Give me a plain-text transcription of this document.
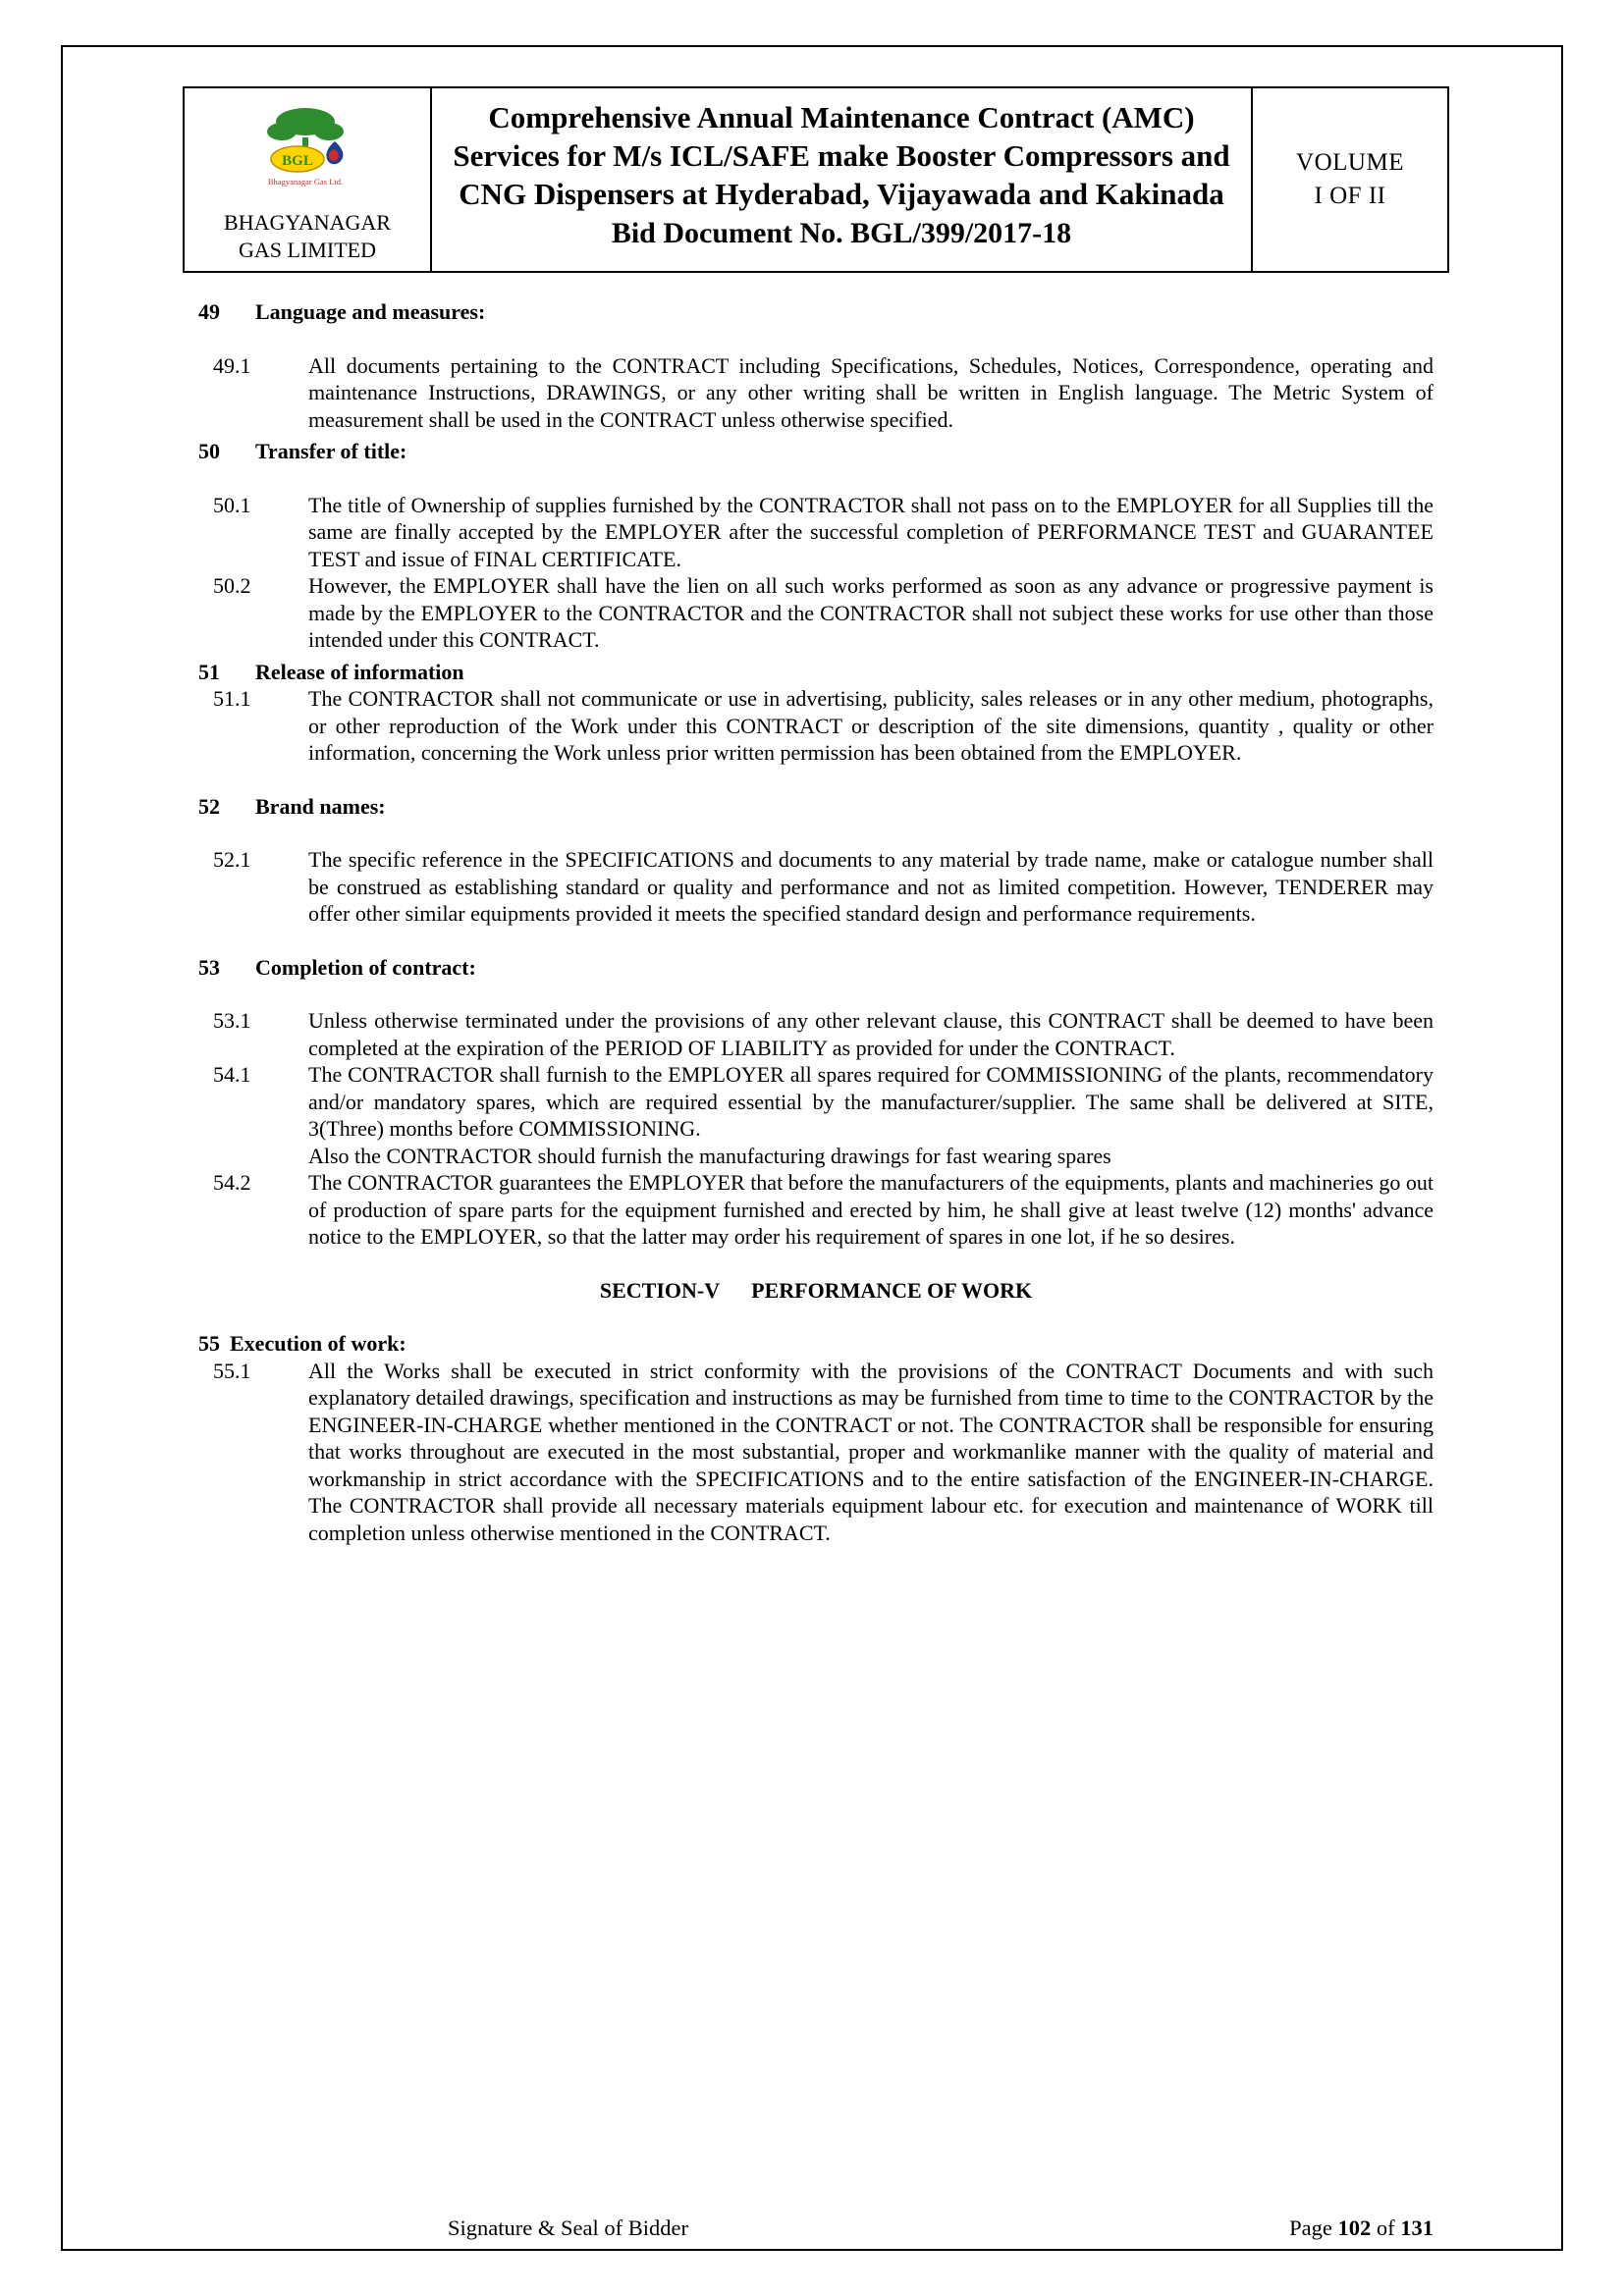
BGL
Bhagyanagar Gas Ltd.
BHAGYANAGAR
GAS LIMITED
Comprehensive Annual Maintenance Contract (AMC) Services for M/s ICL/SAFE make Booster Compressors and CNG Dispensers at Hyderabad, Vijayawada and Kakinada
Bid Document No. BGL/399/2017-18
VOLUME
I OF II
49	Language and measures:
49.1	All documents pertaining to the CONTRACT including Specifications, Schedules, Notices, Correspondence, operating and maintenance Instructions, DRAWINGS, or any other writing shall be written in English language. The Metric System of measurement shall be used in the CONTRACT unless otherwise specified.
50	Transfer of title:
50.1	The title of Ownership of supplies furnished by the CONTRACTOR shall not pass on to the EMPLOYER for all Supplies till the same are finally accepted by the EMPLOYER after the successful completion of PERFORMANCE TEST and GUARANTEE TEST and issue of FINAL CERTIFICATE.
50.2	However, the EMPLOYER shall have the lien on all such works performed as soon as any advance or progressive payment is made by the EMPLOYER to the CONTRACTOR and the CONTRACTOR shall not subject these works for use other than those intended under this CONTRACT.
51	Release of information
51.1	The CONTRACTOR shall not communicate or use in advertising, publicity, sales releases or in any other medium, photographs, or other reproduction of the Work under this CONTRACT or description of the site dimensions, quantity , quality or other information, concerning the Work unless prior written permission has been obtained from the EMPLOYER.
52	Brand names:
52.1	The specific reference in the SPECIFICATIONS and documents to any material by trade name, make or catalogue number shall be construed as establishing standard or quality and performance and not as limited competition. However, TENDERER may offer other similar equipments provided it meets the specified standard design and performance requirements.
53	Completion of contract:
53.1	Unless otherwise terminated under the provisions of any other relevant clause, this CONTRACT shall be deemed to have been completed at the expiration of the PERIOD OF LIABILITY as provided for under the CONTRACT.
54.1	The CONTRACTOR shall furnish to the EMPLOYER all spares required for COMMISSIONING of the plants, recommendatory and/or mandatory spares, which are required essential by the manufacturer/supplier. The same shall be delivered at SITE, 3(Three) months before COMMISSIONING.
Also the CONTRACTOR should furnish the manufacturing drawings for fast wearing spares
54.2	The CONTRACTOR guarantees the EMPLOYER that before the manufacturers of the equipments, plants and machineries go out of production of spare parts for the equipment furnished and erected by him, he shall give at least twelve (12) months' advance notice to the EMPLOYER, so that the latter may order his requirement of spares in one lot, if he so desires.
SECTION-V PERFORMANCE OF WORK
55 Execution of work:
55.1	All the Works shall be executed in strict conformity with the provisions of the CONTRACT Documents and with such explanatory detailed drawings, specification and instructions as may be furnished from time to time to the CONTRACTOR by the ENGINEER-IN-CHARGE whether mentioned in the CONTRACT or not. The CONTRACTOR shall be responsible for ensuring that works throughout are executed in the most substantial, proper and workmanlike manner with the quality of material and workmanship in strict accordance with the SPECIFICATIONS and to the entire satisfaction of the ENGINEER-IN-CHARGE. The CONTRACTOR shall provide all necessary materials equipment labour etc. for execution and maintenance of WORK till completion unless otherwise mentioned in the CONTRACT.
Signature & Seal of Bidder	Page 102 of 131
